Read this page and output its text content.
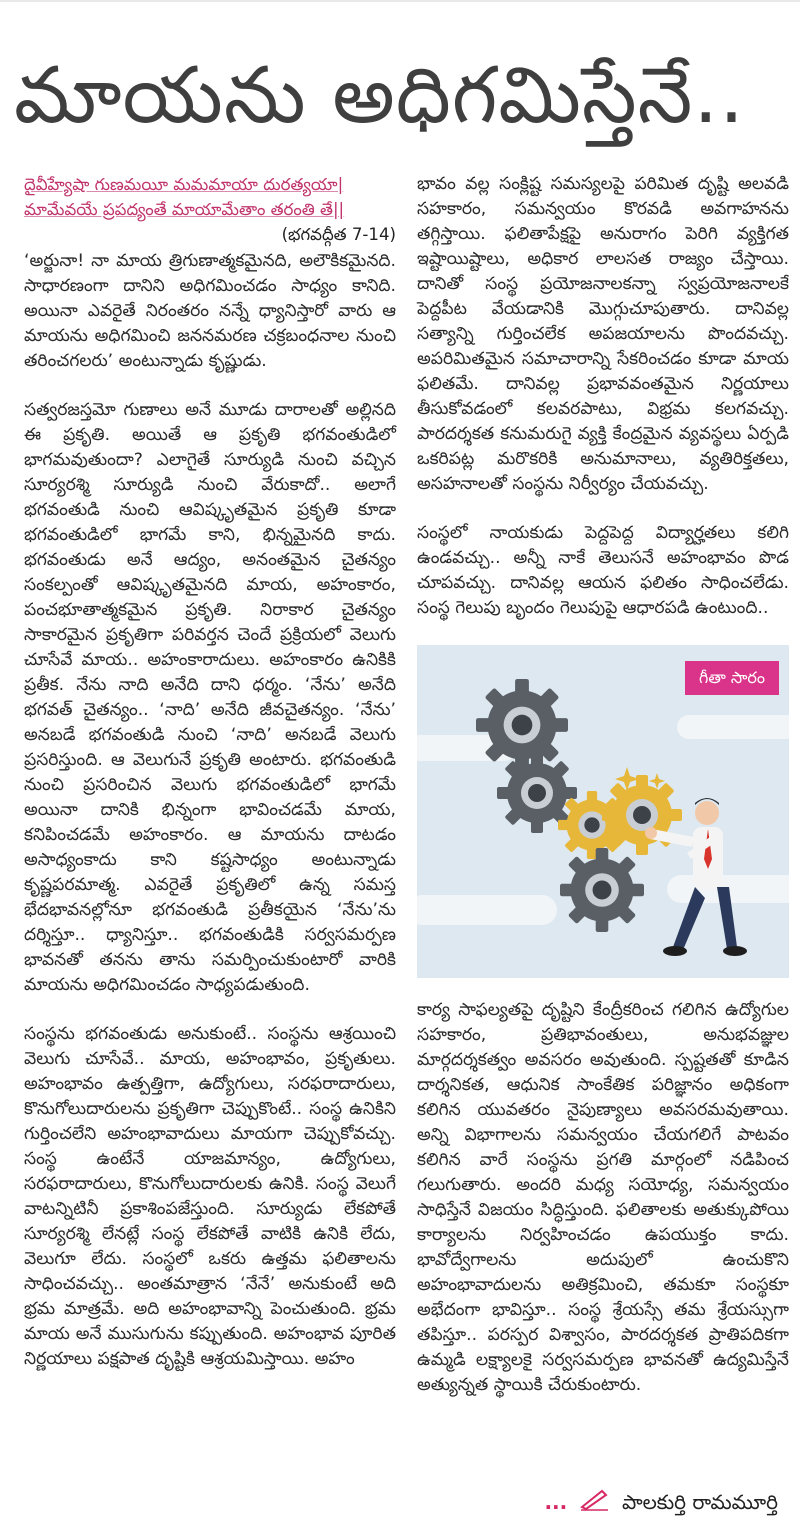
మాయను అధిగమిస్తేనే..
దైవీహ్యేషా గుణమయీ మమమాయా దురత్యయా|
మామేవయే ప్రపద్యంతే మాయామేతాం తరంతి తే||
(భగవద్గీత 7-14)

‘అర్జునా! నా మాయ త్రిగుణాత్మకమైనది, అలౌకికమైనది. సాధారణంగా దానిని అధిగమించడం సాధ్యం కానిది. అయినా ఎవరైతే నిరంతరం నన్నే ధ్యానిస్తారో వారు ఆ మాయను అధిగమించి జననమరణ చక్రబంధనాల నుంచి తరించగలరు’ అంటున్నాడు కృష్ణుడు.

సత్వరజస్తమో గుణాలు అనే మూడు దారాలతో అల్లినది ఈ ప్రకృతి. అయితే ఆ ప్రకృతి భగవంతుడిలో భాగమవుతుందా? ఎలాగైతే సూర్యుడి నుంచి వచ్చిన సూర్యరశ్మి సూర్యుడి నుంచి వేరుకాదో.. అలాగే భగవంతుడి నుంచి ఆవిష్కృతమైన ప్రకృతి కూడా భగవంతుడిలో భాగమే కాని, భిన్నమైనది కాదు. భగవంతుడు అనే ఆద్యం, అనంతమైన చైతన్యం సంకల్పంతో ఆవిష్కృతమైనది మాయ, అహంకారం, పంచభూతాత్మకమైన ప్రకృతి. నిరాకార చైతన్యం సాకారమైన ప్రకృతిగా పరివర్తన చెందే ప్రక్రియలో వెలుగు చూసేవే మాయ.. అహంకారాదులు. అహంకారం ఉనికికి ప్రతీక. నేను నాది అనేది దాని ధర్మం. ‘నేను’ అనేది భగవత్ చైతన్యం.. ‘నాది’ అనేది జీవచైతన్యం. ‘నేను’ అనబడే భగవంతుడి నుంచి ‘నాది’ అనబడే వెలుగు ప్రసరిస్తుంది. ఆ వెలుగునే ప్రకృతి అంటారు. భగవంతుడి నుంచి ప్రసరించిన వెలుగు భగవంతుడిలో భాగమే అయినా దానికి భిన్నంగా భావించడమే మాయ, కనిపించడమే అహంకారం. ఆ మాయను దాటడం అసాధ్యంకాదు కాని కష్టసాధ్యం అంటున్నాడు కృష్ణపరమాత్మ. ఎవరైతే ప్రకృతిలో ఉన్న సమస్త భేదభావనల్లోనూ భగవంతుడి ప్రతీకయైన ‘నేను’ను దర్శిస్తూ.. ధ్యానిస్తూ.. భగవంతుడికి సర్వసమర్పణ భావనతో తనను తాను సమర్పించుకుంటారో వారికి మాయను అధిగమించడం సాధ్యపడుతుంది.

సంస్థను భగవంతుడు అనుకుంటే.. సంస్థను ఆశ్రయించి వెలుగు చూసేవే.. మాయ, అహంభావం, ప్రకృతులు. అహంభావం ఉత్పత్తిగా, ఉద్యోగులు, సరఫరాదారులు, కొనుగోలుదారులను ప్రకృతిగా చెప్పుకొంటే.. సంస్థ ఉనికిని గుర్తించలేని అహంభావాదులు మాయగా చెప్పుకోవచ్చు. సంస్థ ఉంటేనే యాజమాన్యం, ఉద్యోగులు, సరఫరాదారులు, కొనుగోలుదారులకు ఉనికి. సంస్థ వెలుగే వాటన్నిటినీ ప్రకాశింపజేస్తుంది. సూర్యుడు లేకపోతే సూర్యరశ్మి లేనట్లే సంస్థ లేకపోతే వాటికి ఉనికి లేదు, వెలుగూ లేదు. సంస్థలో ఒకరు ఉత్తమ ఫలితాలను సాధించవచ్చు.. అంతమాత్రాన ‘నేనే’ అనుకుంటే అది భ్రమ మాత్రమే. అది అహంభావాన్ని పెంచుతుంది. భ్రమ మాయ అనే ముసుగును కప్పుతుంది. అహంభావ పూరిత నిర్ణయాలు పక్షపాత దృష్టికి ఆశ్రయమిస్తాయి. అహం

భావం వల్ల సంక్లిష్ట సమస్యలపై పరిమిత దృష్టి అలవడి సహకారం, సమన్వయం కొరవడి అవగాహనను తగ్గిస్తాయి. ఫలితాపేక్షపై అనురాగం పెరిగి వ్యక్తిగత ఇష్టాయిష్టాలు, అధికార లాలసత రాజ్యం చేస్తాయి. దానితో సంస్థ ప్రయోజనాలకన్నా స్వప్రయోజనాలకే పెద్దపీట వేయడానికి మొగ్గుచూపుతారు. దానివల్ల సత్యాన్ని గుర్తించలేక అపజయాలను పొందవచ్చు. అపరిమితమైన సమాచారాన్ని సేకరించడం కూడా మాయ ఫలితమే. దానివల్ల ప్రభావవంతమైన నిర్ణయాలు తీసుకోవడంలో కలవరపాటు, విభ్రమ కలగవచ్చు. పారదర్శకత కనుమరుగై వ్యక్తి కేంద్రమైన వ్యవస్థలు ఏర్పడి ఒకరిపట్ల మరొకరికి అనుమానాలు, వ్యతిరిక్తతలు, అసహనాలతో సంస్థను నిర్వీర్యం చేయవచ్చు.

సంస్థలో నాయకుడు పెద్దపెద్ద విద్యార్హతలు కలిగి ఉండవచ్చు.. అన్నీ నాకే తెలుసనే అహంభావం పొడ చూపవచ్చు. దానివల్ల ఆయన ఫలితం సాధించలేడు. సంస్థ గెలుపు బృందం గెలుపుపై ఆధారపడి ఉంటుంది..

గీతా సారం

కార్య సాఫల్యతపై దృష్టిని కేంద్రీకరించ గలిగిన ఉద్యోగుల సహకారం, ప్రతిభావంతులు, అనుభవజ్ఞుల మార్గదర్శకత్వం అవసరం అవుతుంది. స్పష్టతతో కూడిన దార్శనికత, ఆధునిక సాంకేతిక పరిజ్ఞానం అధికంగా కలిగిన యువతరం నైపుణ్యాలు అవసరమవుతాయి. అన్ని విభాగాలను సమన్వయం చేయగలిగే పాటవం కలిగిన వారే సంస్థను ప్రగతి మార్గంలో నడిపించ గలుగుతారు. అందరి మధ్య సయోధ్య, సమన్వయం సాధిస్తేనే విజయం సిద్ధిస్తుంది. ఫలితాలకు అతుక్కుపోయి కార్యాలను నిర్వహించడం ఉపయుక్తం కాదు. భావోద్వేగాలను అదుపులో ఉంచుకొని అహంభావాదులను అతిక్రమించి, తమకూ సంస్థకూ అభేదంగా భావిస్తూ.. సంస్థ శ్రేయస్సే తమ శ్రేయస్సుగా తపిస్తూ.. పరస్పర విశ్వాసం, పారదర్శకత ప్రాతిపదికగా ఉమ్మడి లక్ష్యాలకై సర్వసమర్పణ భావనతో ఉద్యమిస్తేనే అత్యున్నత స్థాయికి చేరుకుంటారు.

...	పాలకుర్తి రామమూర్తి
